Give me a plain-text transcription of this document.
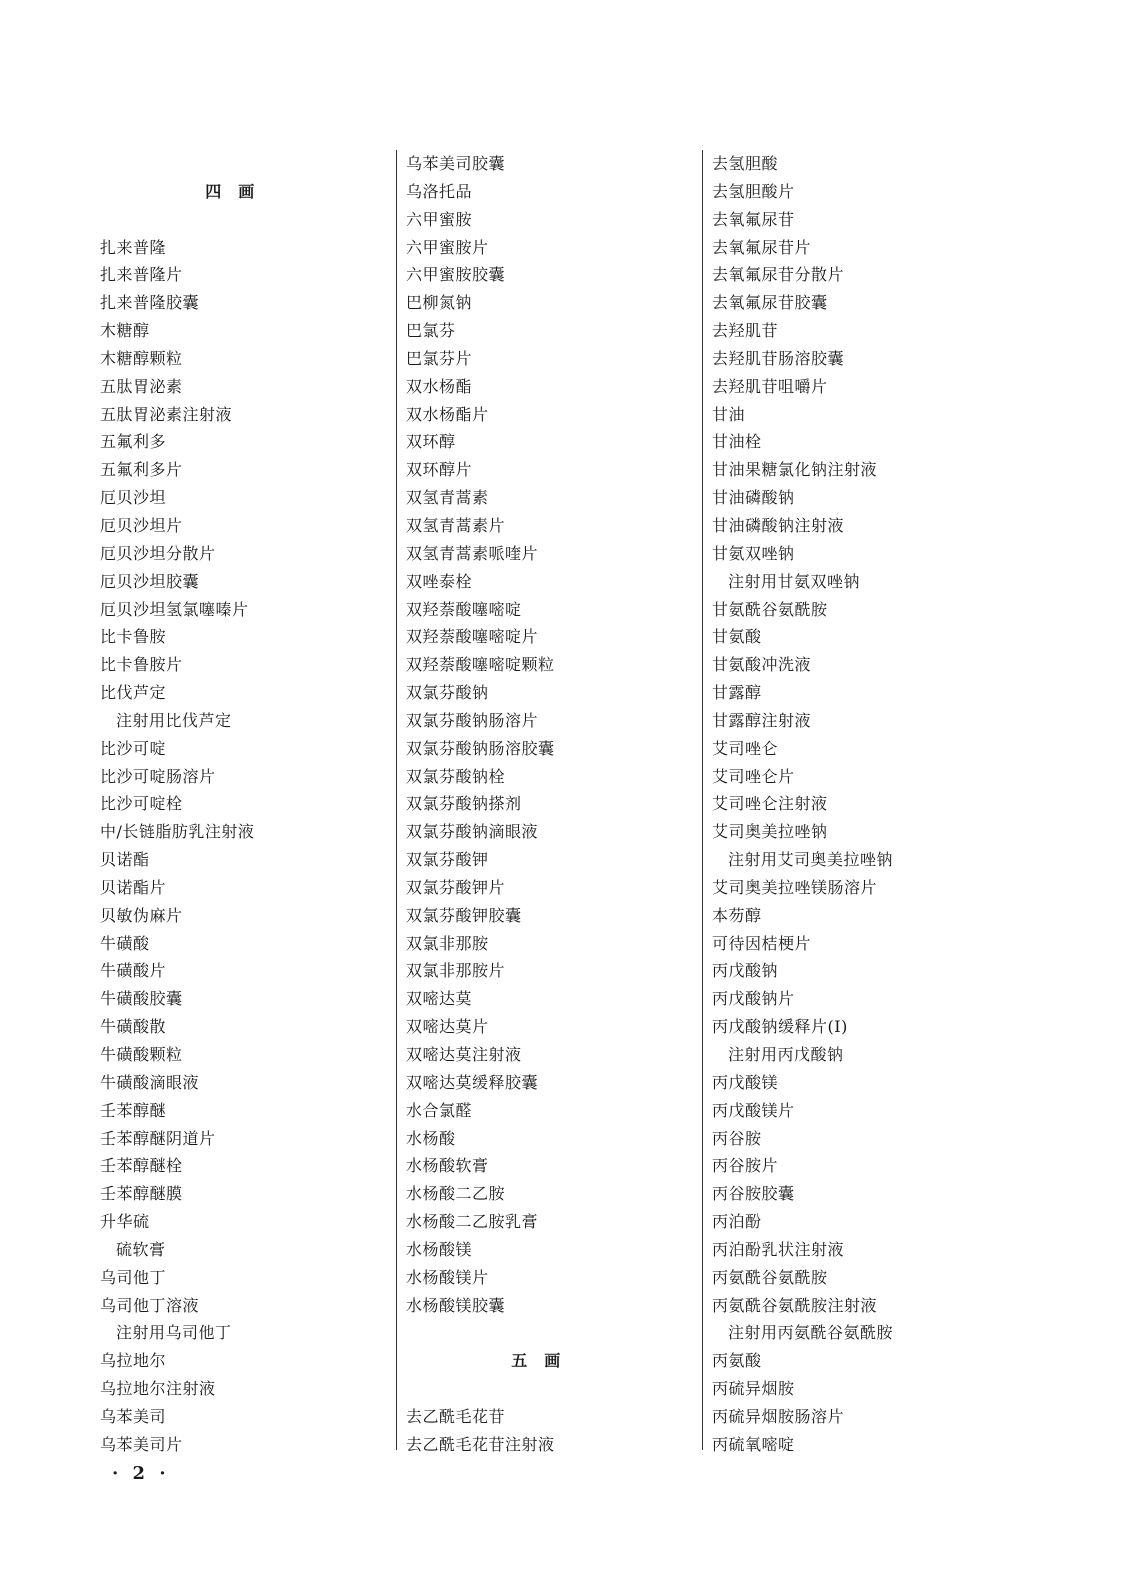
四　画
扎来普隆
扎来普隆片
扎来普隆胶囊
木糖醇
木糖醇颗粒
五肽胃泌素
五肽胃泌素注射液
五氟利多
五氟利多片
厄贝沙坦
厄贝沙坦片
厄贝沙坦分散片
厄贝沙坦胶囊
厄贝沙坦氢氯噻嗪片
比卡鲁胺
比卡鲁胺片
比伐芦定
注射用比伐芦定
比沙可啶
比沙可啶肠溶片
比沙可啶栓
中/长链脂肪乳注射液
贝诺酯
贝诺酯片
贝敏伪麻片
牛磺酸
牛磺酸片
牛磺酸胶囊
牛磺酸散
牛磺酸颗粒
牛磺酸滴眼液
壬苯醇醚
壬苯醇醚阴道片
壬苯醇醚栓
壬苯醇醚膜
升华硫
硫软膏
乌司他丁
乌司他丁溶液
注射用乌司他丁
乌拉地尔
乌拉地尔注射液
乌苯美司
乌苯美司片
乌苯美司胶囊
乌洛托品
六甲蜜胺
六甲蜜胺片
六甲蜜胺胶囊
巴柳氮钠
巴氯芬
巴氯芬片
双水杨酯
双水杨酯片
双环醇
双环醇片
双氢青蒿素
双氢青蒿素片
双氢青蒿素哌喹片
双唑泰栓
双羟萘酸噻嘧啶
双羟萘酸噻嘧啶片
双羟萘酸噻嘧啶颗粒
双氯芬酸钠
双氯芬酸钠肠溶片
双氯芬酸钠肠溶胶囊
双氯芬酸钠栓
双氯芬酸钠搽剂
双氯芬酸钠滴眼液
双氯芬酸钾
双氯芬酸钾片
双氯芬酸钾胶囊
双氯非那胺
双氯非那胺片
双嘧达莫
双嘧达莫片
双嘧达莫注射液
双嘧达莫缓释胶囊
水合氯醛
水杨酸
水杨酸软膏
水杨酸二乙胺
水杨酸二乙胺乳膏
水杨酸镁
水杨酸镁片
水杨酸镁胶囊
五　画
去乙酰毛花苷
去乙酰毛花苷注射液
去氢胆酸
去氢胆酸片
去氧氟尿苷
去氧氟尿苷片
去氧氟尿苷分散片
去氧氟尿苷胶囊
去羟肌苷
去羟肌苷肠溶胶囊
去羟肌苷咀嚼片
甘油
甘油栓
甘油果糖氯化钠注射液
甘油磷酸钠
甘油磷酸钠注射液
甘氨双唑钠
注射用甘氨双唑钠
甘氨酰谷氨酰胺
甘氨酸
甘氨酸冲洗液
甘露醇
甘露醇注射液
艾司唑仑
艾司唑仑片
艾司唑仑注射液
艾司奥美拉唑钠
注射用艾司奥美拉唑钠
艾司奥美拉唑镁肠溶片
本芴醇
可待因桔梗片
丙戊酸钠
丙戊酸钠片
丙戊酸钠缓释片(Ⅰ)
注射用丙戊酸钠
丙戊酸镁
丙戊酸镁片
丙谷胺
丙谷胺片
丙谷胺胶囊
丙泊酚
丙泊酚乳状注射液
丙氨酰谷氨酰胺
丙氨酰谷氨酰胺注射液
注射用丙氨酰谷氨酰胺
丙氨酸
丙硫异烟胺
丙硫异烟胺肠溶片
丙硫氧嘧啶
· 2 ·
